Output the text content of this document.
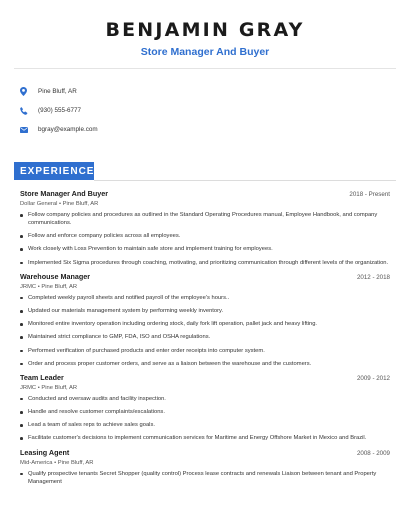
BENJAMIN GRAY
Store Manager And Buyer
Pine Bluff, AR
(930) 555-6777
bgray@example.com
EXPERIENCE
Store Manager And Buyer	2018 - Present
Dollar General • Pine Bluff, AR
Follow company policies and procedures as outlined in the Standard Operating Procedures manual, Employee Handbook, and company communications.
Follow and enforce company policies across all employees.
Work closely with Loss Prevention to maintain safe store and implement training for employees.
Implemented Six Sigma procedures through coaching, motivating, and prioritizing communication through different levels of the organization.
Warehouse Manager	2012 - 2018
JRMC • Pine Bluff, AR
Completed weekly payroll sheets and notified payroll of the employee's hours..
Updated our materials management system by performing weekly inventory.
Monitored entire inventory operation including ordering stock, daily fork lift operation, pallet jack and heavy lifting.
Maintained strict compliance to GMP, FDA, ISO and OSHA regulations.
Performed verification of purchased products and enter order receipts into computer system.
Order and process proper customer orders, and serve as a liaison between the warehouse and the customers.
Team Leader	2009 - 2012
JRMC • Pine Bluff, AR
Conducted and oversaw audits and facility inspection.
Handle and resolve customer complaints/escalations.
Lead a team of sales reps to achieve sales goals.
Facilitate customer's decisions to implement communication services for Maritime and Energy Offshore Market in Mexico and Brazil.
Leasing Agent	2008 - 2009
Mid-America • Pine Bluff, AR
Qualify prospective tenants Secret Shopper (quality control) Process lease contracts and renewals Liaison between tenant and Property Management
